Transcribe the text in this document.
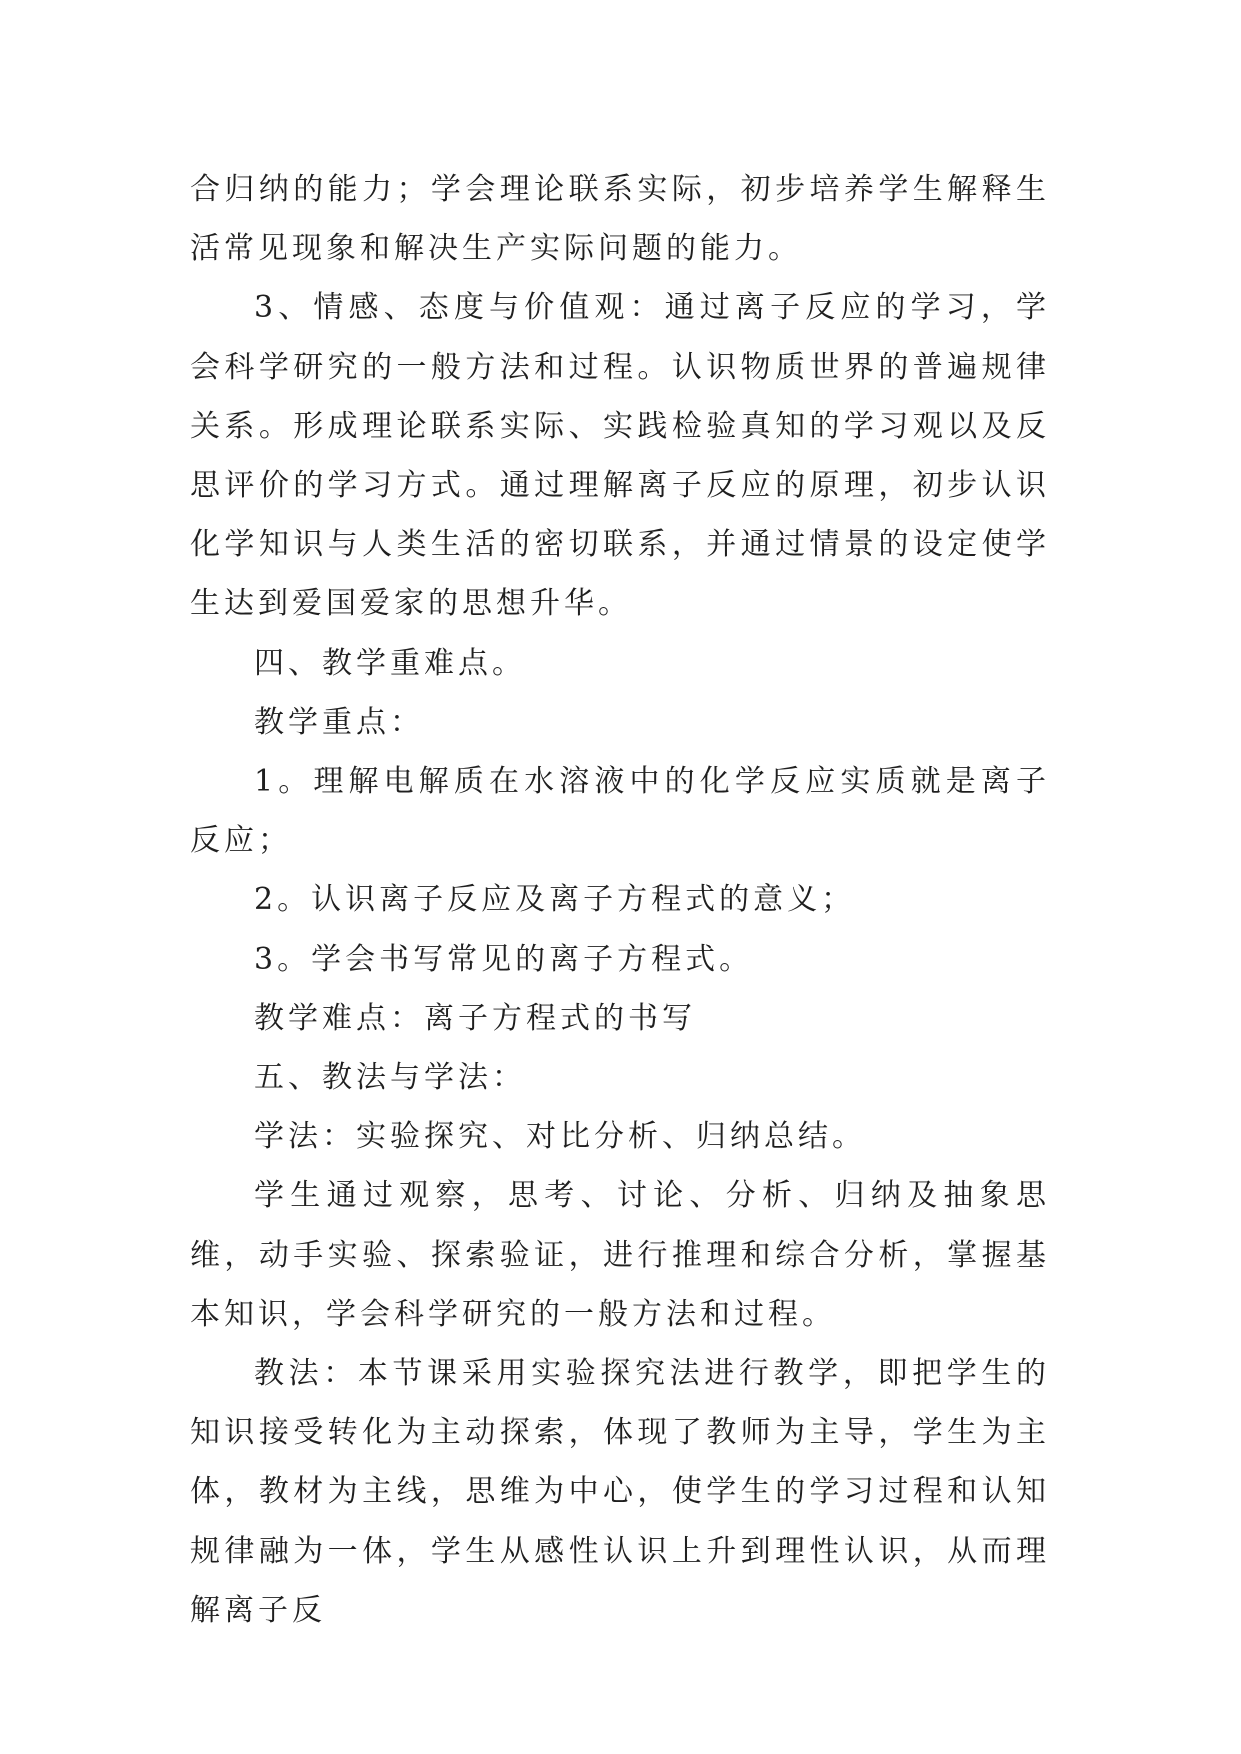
合归纳的能力；学会理论联系实际，初步培养学生解释生活常见现象和解决生产实际问题的能力。

3、情感、态度与价值观：通过离子反应的学习，学会科学研究的一般方法和过程。认识物质世界的普遍规律关系。形成理论联系实际、实践检验真知的学习观以及反思评价的学习方式。通过理解离子反应的原理，初步认识化学知识与人类生活的密切联系，并通过情景的设定使学生达到爱国爱家的思想升华。

四、教学重难点。

教学重点：

1。理解电解质在水溶液中的化学反应实质就是离子反应；

2。认识离子反应及离子方程式的意义；

3。学会书写常见的离子方程式。

教学难点：离子方程式的书写

五、教法与学法：

学法：实验探究、对比分析、归纳总结。

学生通过观察，思考、讨论、分析、归纳及抽象思维，动手实验、探索验证，进行推理和综合分析，掌握基本知识，学会科学研究的一般方法和过程。

教法：本节课采用实验探究法进行教学，即把学生的知识接受转化为主动探索，体现了教师为主导，学生为主体，教材为主线，思维为中心，使学生的学习过程和认知规律融为一体，学生从感性认识上升到理性认识，从而理解离子反
